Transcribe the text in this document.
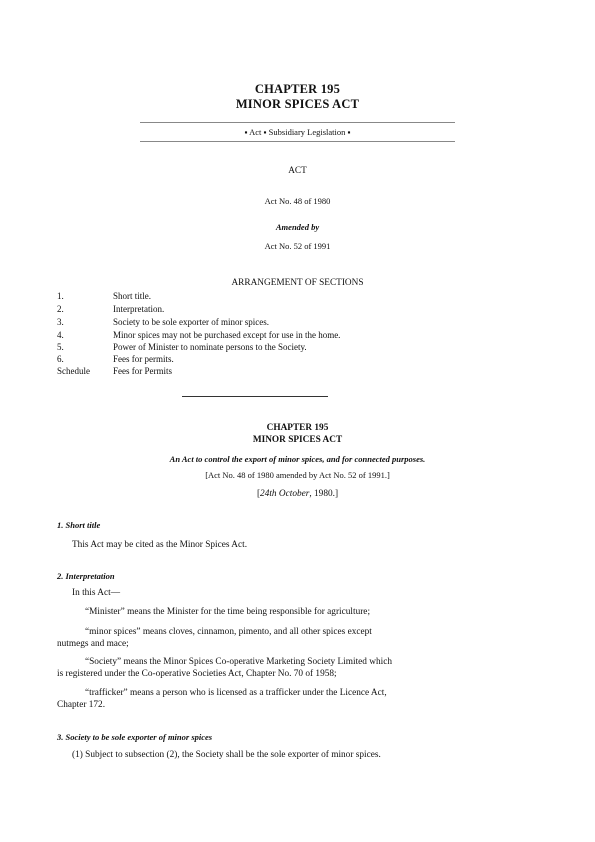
CHAPTER 195
MINOR SPICES ACT
▪ Act ▪ Subsidiary Legislation ▪
ACT
Act No. 48 of 1980
Amended by
Act No. 52 of 1991
ARRANGEMENT OF SECTIONS
1.	Short title.
2.	Interpretation.
3.	Society to be sole exporter of minor spices.
4.	Minor spices may not be purchased except for use in the home.
5.	Power of Minister to nominate persons to the Society.
6.	Fees for permits.
Schedule	Fees for Permits
CHAPTER 195
MINOR SPICES ACT
An Act to control the export of minor spices, and for connected purposes.
[Act No. 48 of 1980 amended by Act No. 52 of 1991.]
[24th October, 1980.]
1. Short title
This Act may be cited as the Minor Spices Act.
2. Interpretation
In this Act—
“Minister” means the Minister for the time being responsible for agriculture;
“minor spices” means cloves, cinnamon, pimento, and all other spices except
nutmegs and mace;
“Society” means the Minor Spices Co-operative Marketing Society Limited which
is registered under the Co-operative Societies Act, Chapter No. 70 of 1958;
“trafficker” means a person who is licensed as a trafficker under the Licence Act,
Chapter 172.
3. Society to be sole exporter of minor spices
(1) Subject to subsection (2), the Society shall be the sole exporter of minor spices.
